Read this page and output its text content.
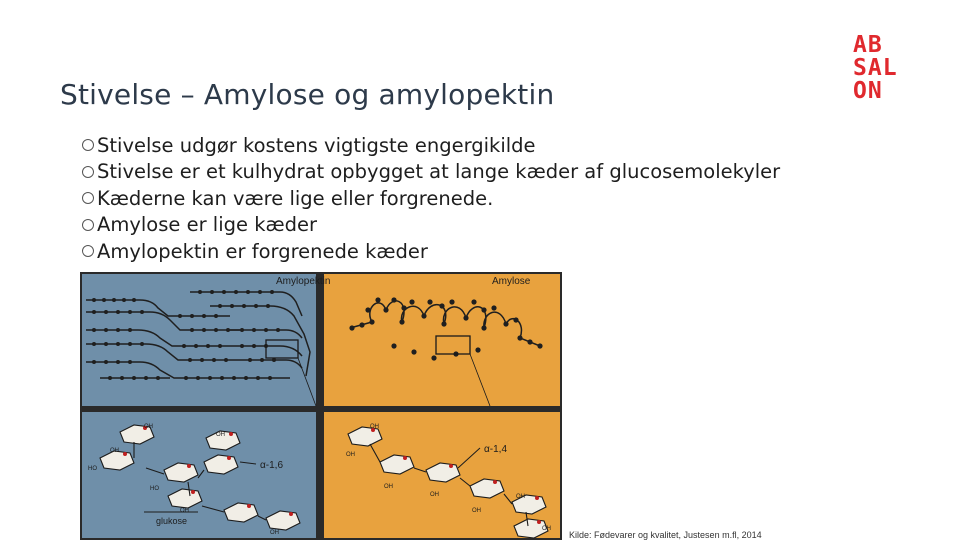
Stivelse – Amylose og amylopektin
AB
SAL
ON
Stivelse udgør kostens vigtigste engergikilde
Stivelse er et kulhydrat opbygget at lange kæder af glucosemolekyler
Kæderne kan være lige eller forgrenede.
Amylose er lige kæder
Amylopektin er forgrenede kæder
Amylopektin	Amylose
OH
OH
HO
OH
HO
OH
OH
α-1,6
glukose
OH
OH
OH
OH
OH
OH
OH
α-1,4
Kilde: Fødevarer og kvalitet, Justesen m.fl, 2014
